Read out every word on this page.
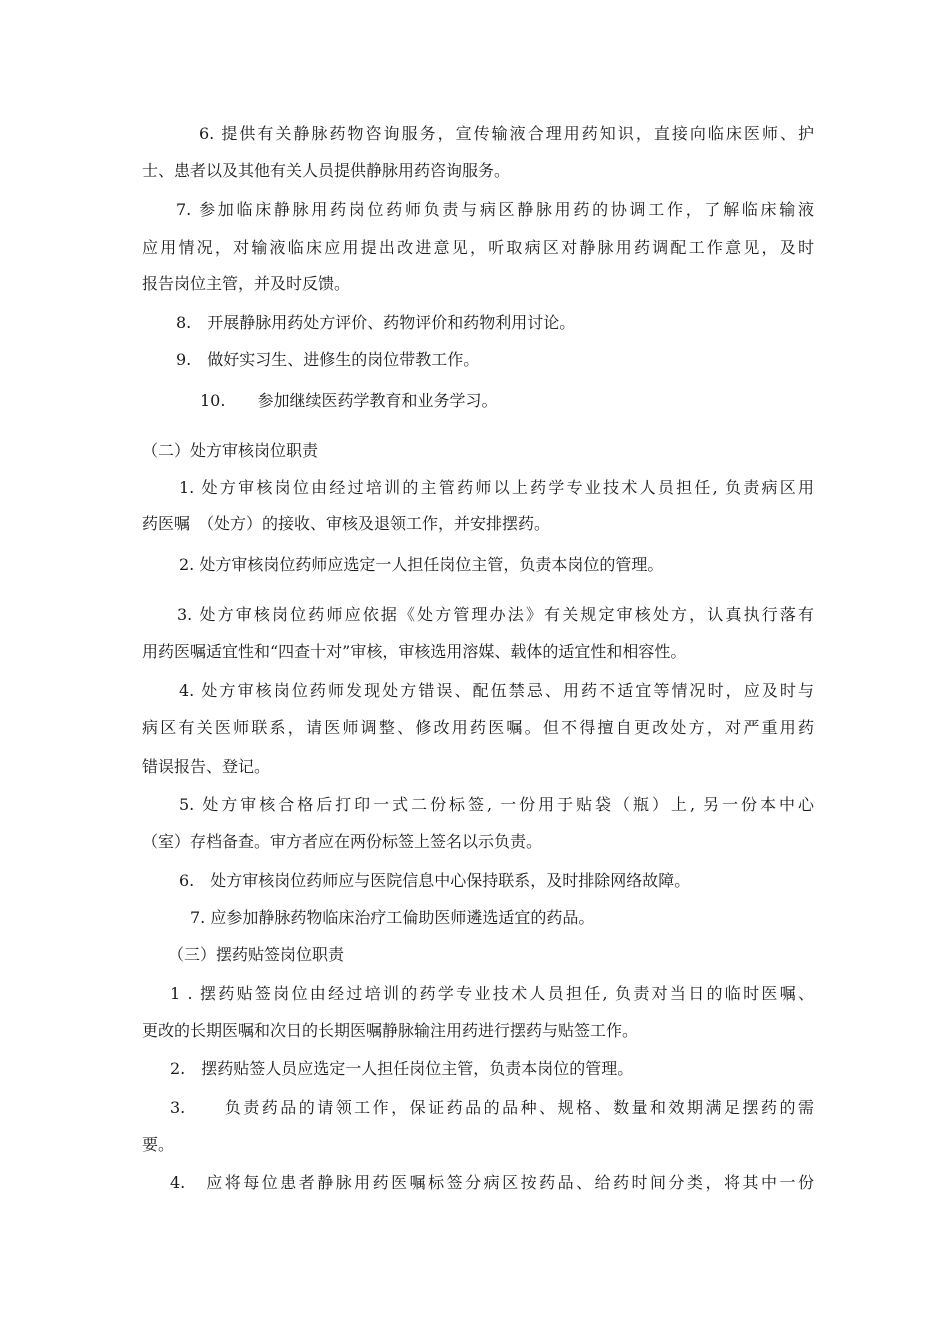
6. 提供有关静脉药物咨询服务，宣传输液合理用药知识，直接向临床医师、护
士、患者以及其他有关人员提供静脉用药咨询服务。
7. 参加临床静脉用药岗位药师负责与病区静脉用药的协调工作，了解临床输液
应用情况，对输液临床应用提出改进意见，听取病区对静脉用药调配工作意见，及时
报告岗位主管，并及时反馈。
8.　开展静脉用药处方评价、药物评价和药物利用讨论。
9.　做好实习生、进修生的岗位带教工作。
10.　　参加继续医药学教育和业务学习。
（二）处方审核岗位职责
1. 处方审核岗位由经过培训的主管药师以上药学专业技术人员担任, 负责病区用
药医嘱　（处方）的接收、审核及退领工作，并安排摆药。
2. 处方审核岗位药师应选定一人担任岗位主管，负责本岗位的管理。
3. 处方审核岗位药师应依据《处方管理办法》有关规定审核处方，认真执行落有
用药医嘱适宜性和“四查十对”审核，审核选用溶媒、载体的适宜性和相容性。
4. 处方审核岗位药师发现处方错误、配伍禁忌、用药不适宜等情况时，应及时与
病区有关医师联系，请医师调整、修改用药医嘱。但不得擅自更改处方，对严重用药
错误报告、登记。
5. 处方审核合格后打印一式二份标签, 一份用于贴袋（瓶）上, 另一份本中心
（室）存档备查。审方者应在两份标签上签名以示负责。
6.　处方审核岗位药师应与医院信息中心保持联系，及时排除网络故障。
7. 应参加静脉药物临床治疗工倫助医师遴选适宜的药品。
（三）摆药贴签岗位职责
1 . 摆药贴签岗位由经过培训的药学专业技术人员担任, 负责对当日的临时医嘱、
更改的长期医嘱和次日的长期医嘱静脉输注用药进行摆药与贴签工作。
2.　摆药贴签人员应选定一人担任岗位主管，负责本岗位的管理。
3.　　负责药品的请领工作，保证药品的品种、规格、数量和效期满足摆药的需
要。
4.　应将每位患者静脉用药医嘱标签分病区按药品、给药时间分类，将其中一份
